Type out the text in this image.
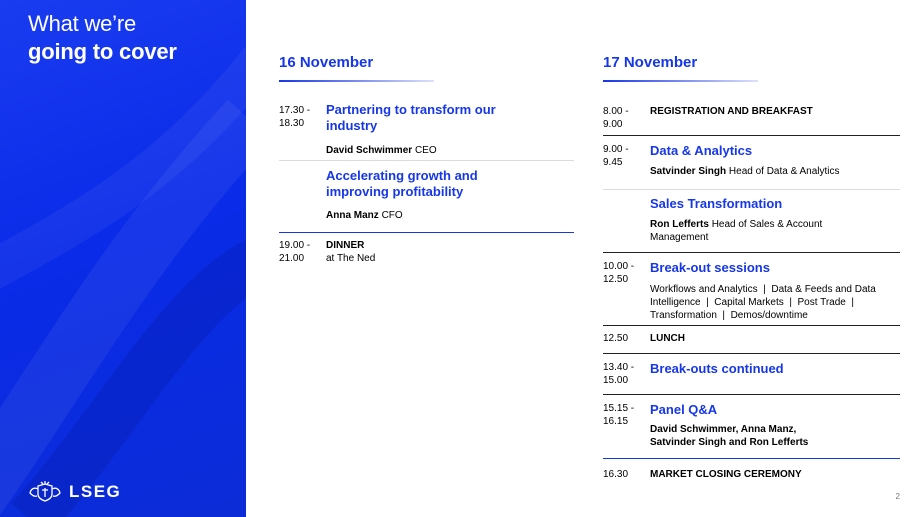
What we’re
going to cover
LSEG
16 November
17.30 -
18.30
Partnering to transform our industry
David Schwimmer CEO
Accelerating growth and improving profitability
Anna Manz CFO
19.00 -
21.00
DINNER
at The Ned
17 November
8.00 -
9.00
REGISTRATION AND BREAKFAST
9.00 -
9.45
Data & Analytics
Satvinder Singh Head of Data & Analytics
Sales Transformation
Ron Lefferts Head of Sales & Account Management
10.00 -
12.50
Break-out sessions
Workflows and Analytics  |  Data & Feeds and Data Intelligence  |  Capital Markets  |  Post Trade  |  Transformation  |  Demos/downtime
12.50	LUNCH
13.40 -
15.00
Break-outs continued
15.15 -
16.15
Panel Q&A
David Schwimmer, Anna Manz, Satvinder Singh and Ron Lefferts
16.30	MARKET CLOSING CEREMONY
2
